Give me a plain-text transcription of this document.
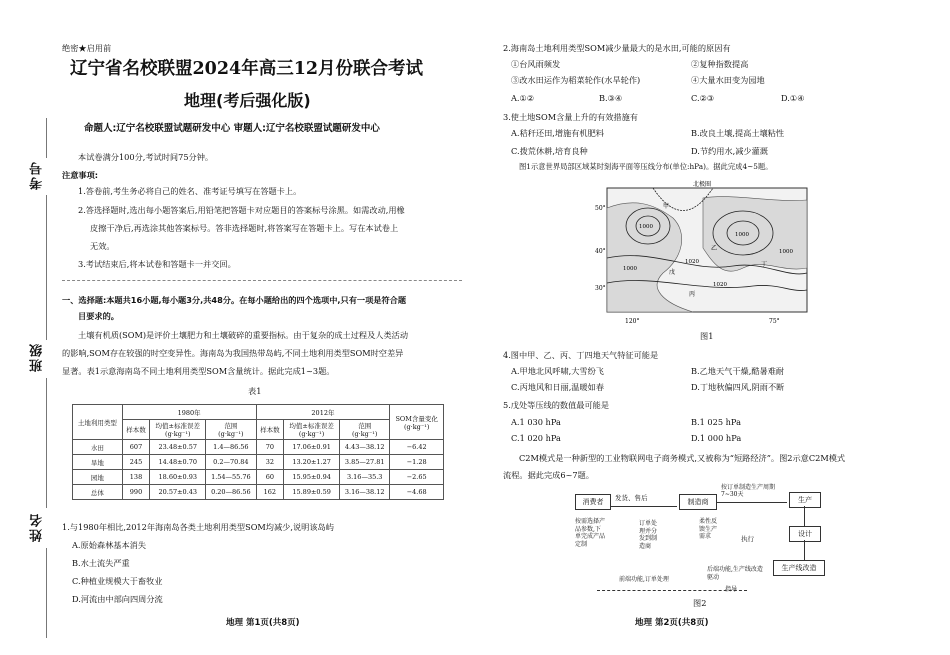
绝密★启用前
辽宁省名校联盟2024年高三12月份联合考试
地理(考后强化版)
命题人:辽宁名校联盟试题研发中心 审题人:辽宁名校联盟试题研发中心
考号
班级
姓名
本试卷满分100分,考试时间75分钟。
注意事项:
1.答卷前,考生务必将自己的姓名、准考证号填写在答题卡上。
2.答选择题时,选出每小题答案后,用铅笔把答题卡对应题目的答案标号涂黑。如需改动,用橡
皮擦干净后,再选涂其他答案标号。答非选择题时,将答案写在答题卡上。写在本试卷上
无效。
3.考试结束后,将本试卷和答题卡一并交回。
一、选择题:本题共16小题,每小题3分,共48分。在每小题给出的四个选项中,只有一项是符合题
目要求的。
土壤有机质(SOM)是评价土壤肥力和土壤破碎的重要指标。由于复杂的成土过程及人类活动
的影响,SOM存在较强的时空变异性。海南岛为我国热带岛屿,不同土地利用类型SOM时空差异
显著。表1示意海南岛不同土地利用类型SOM含量统计。据此完成1~3题。
表1
土地利用类型	1980年			2012年			SOM含量变化
(g·kg⁻¹)
	样本数	均值±标准误差
(g·kg⁻¹)	范围
(g·kg⁻¹)	样本数	均值±标准误差
(g·kg⁻¹)	范围
(g·kg⁻¹)	
水田	607	23.48±0.57	1.4—86.56	70	17.06±0.91	4.43—38.12	−6.42
旱地	245	14.48±0.70	0.2—70.84	32	13.20±1.27	3.85—27.81	−1.28
园地	138	18.60±0.93	1.54—55.76	60	15.95±0.94	3.16—35.3	−2.65
总体	990	20.57±0.43	0.20—86.56	162	15.89±0.59	3.16—38.12	−4.68
1.与1980年相比,2012年海南岛各类土地利用类型SOM均减少,说明该岛屿
A.原始森林基本消失
B.水土流失严重
C.种植业规模大于畜牧业
D.河流由中部向四周分流
地理 第1页(共8页)
2.海南岛土地利用类型SOM减少量最大的是水田,可能的原因有
①台风雨频发	②复种指数提高
③改水田运作为稻菜轮作(水旱轮作)	④大量水田变为园地
A.①②	B.③④	C.②③	D.①④
3.使土地SOM含量上升的有效措施有
A.秸秆还田,增施有机肥料	B.改良土壤,提高土壤粘性
C.拨荒休耕,培育良种	D.节约用水,减少灌溉
图1示意世界局部区域某时刻海平面等压线分布(单位:hPa)。据此完成4~5题。
北极圈
50°
40°
30°
120°	75°
1000
1020
1020
1000
1000
1000
甲
乙
丙
丁
戊
图1
4.图中甲、乙、丙、丁四地天气特征可能是
A.甲地北风呼啸,大雪纷飞	B.乙地天气干燥,酷暑难耐
C.丙地风和日丽,温暖如春	D.丁地秋偏四风,阴雨不断
5.戊处等压线的数值最可能是
A.1 030 hPa	B.1 025 hPa
C.1 020 hPa	D.1 000 hPa
C2M模式是一种新型的工业物联网电子商务模式,又被称为“短路经济”。图2示意C2M模式
流程。据此完成6~7题。
消费者	制造商	生产
设计
生产线改造
发货、售后
按订单制造生产周期7~30天
按需选择产品参数,下单完成产品定制
订单处理并分发到制造商
柔性反馈生产需求	执行
前端功能,订单处理
后端功能,生产线改造驱动
指导
图2
地理 第2页(共8页)
